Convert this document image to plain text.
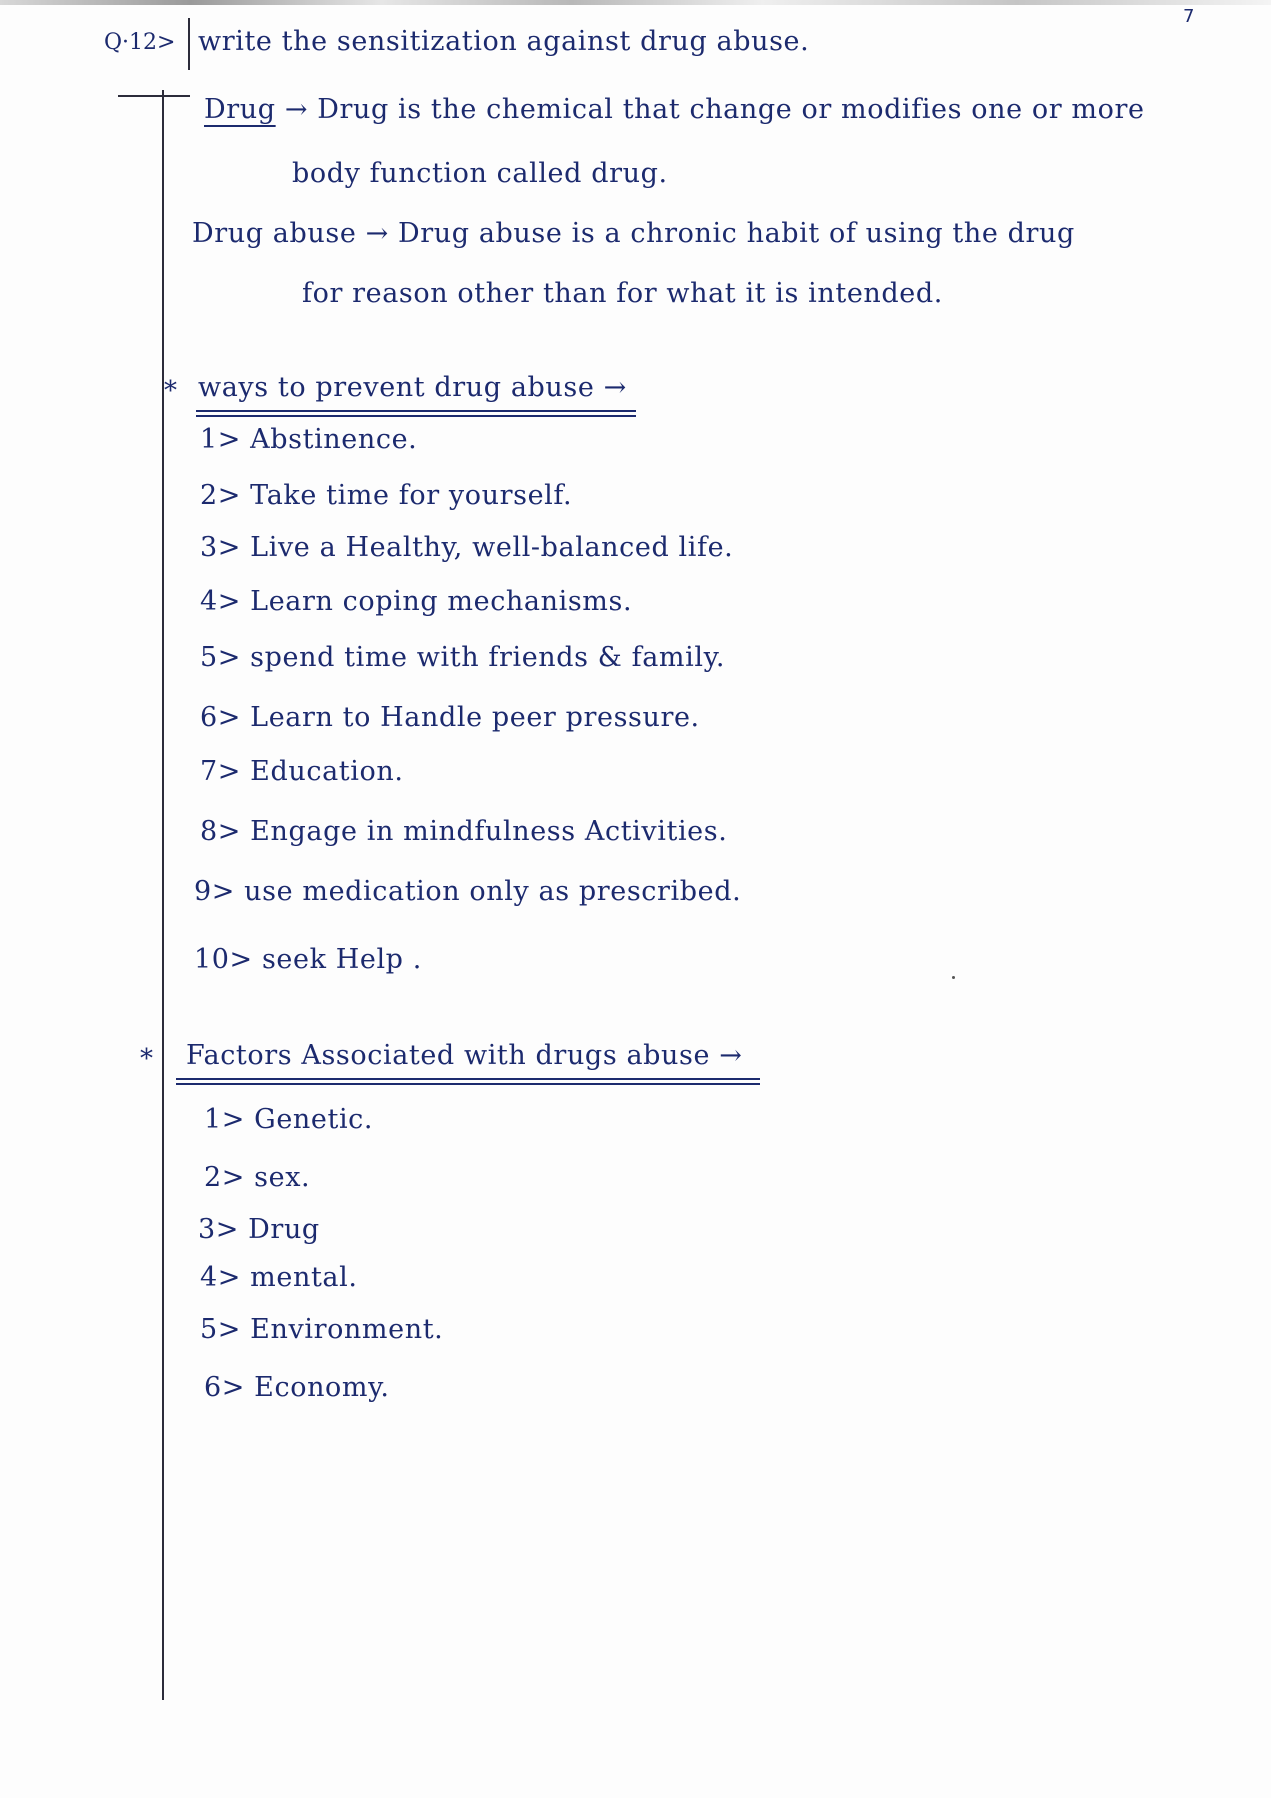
7
Q·12> write the sensitization against drug abuse.
Drug → Drug is the chemical that change or modifies one or more
body function called drug.
Drug abuse → Drug abuse is a chronic habit of using the drug
for reason other than for what it is intended.
* ways to prevent drug abuse →
1> Abstinence.
2> Take time for yourself.
3> Live a Healthy, well-balanced life.
4> Learn coping mechanisms.
5> spend time with friends & family.
6> Learn to Handle peer pressure.
7> Education.
8> Engage in mindfulness Activities.
9> use medication only as prescribed.
10> seek Help .
* Factors Associated with drugs abuse →
1> Genetic.
2> sex.
3> Drug
4> mental.
5> Environment.
6> Economy.
